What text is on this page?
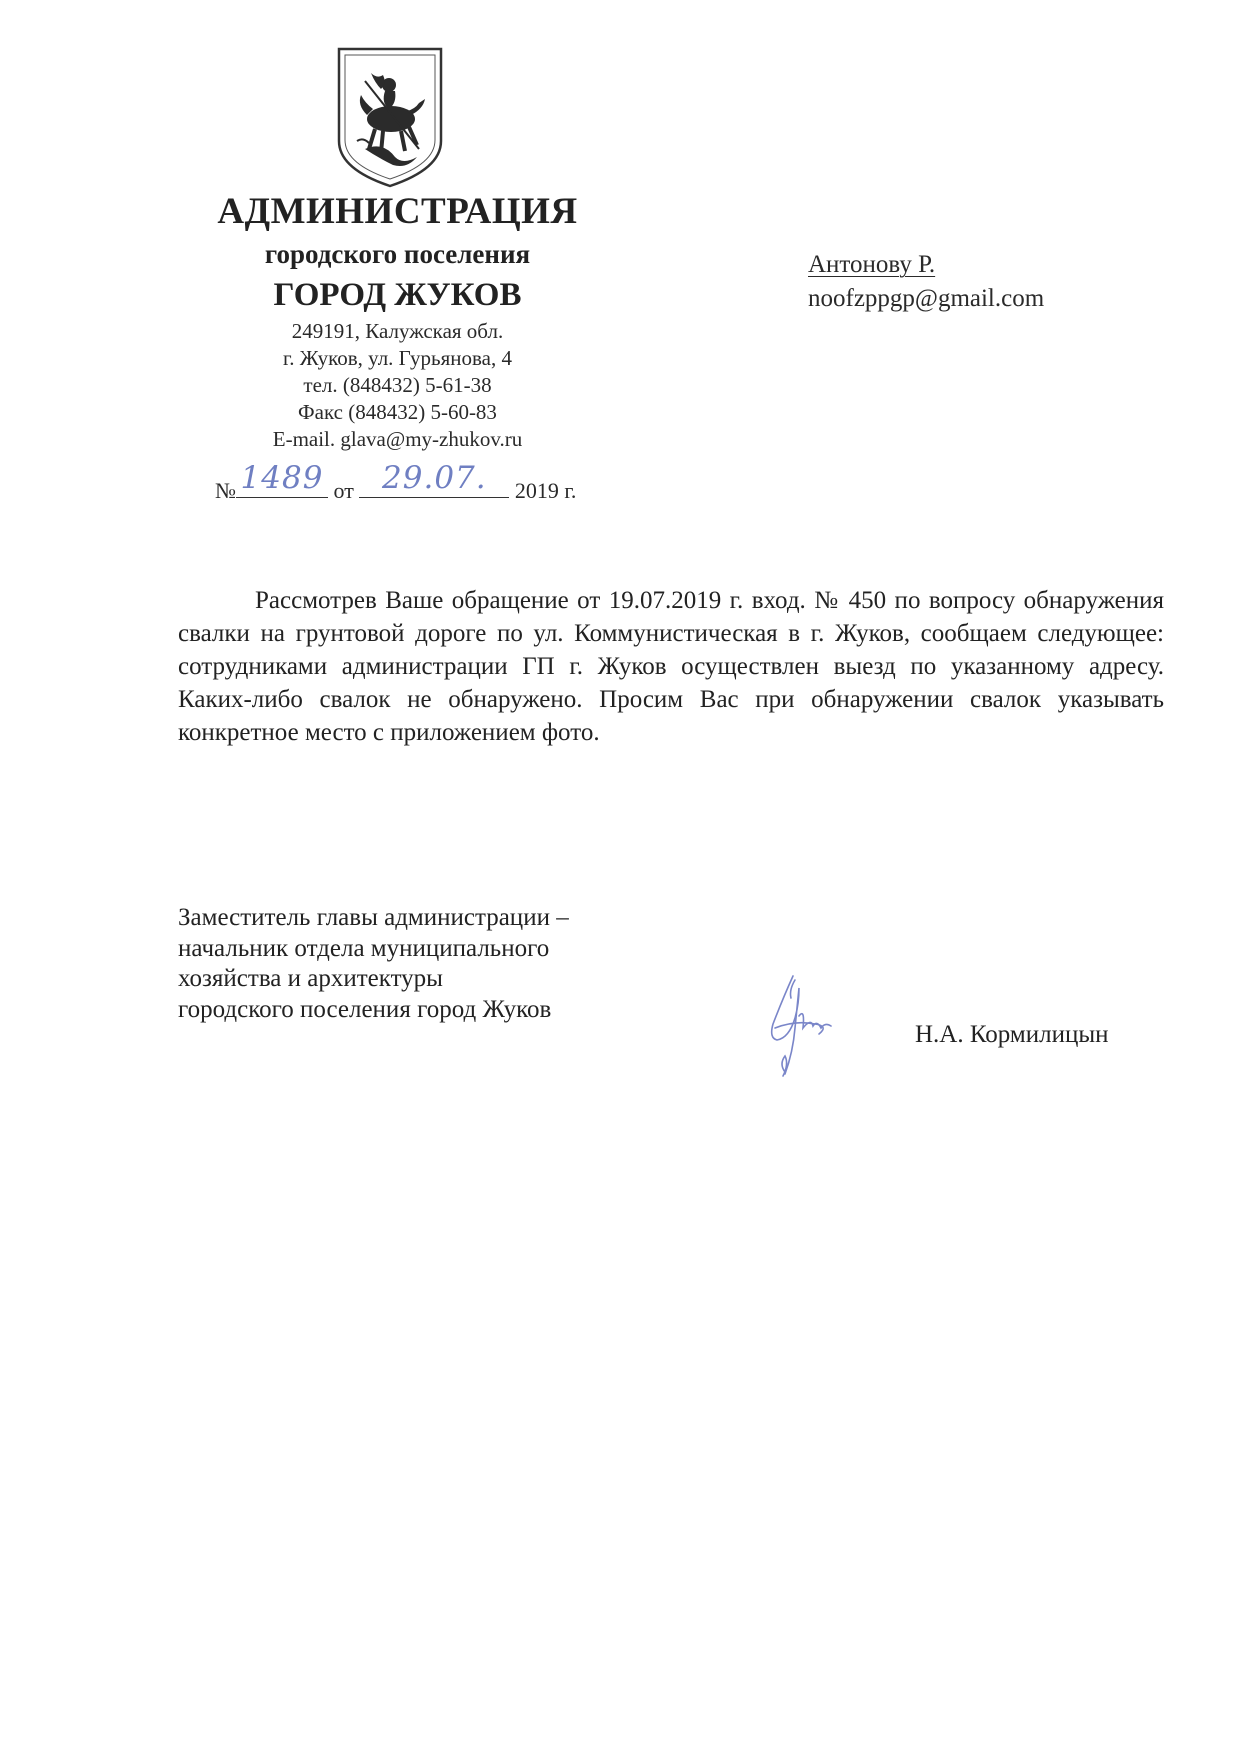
АДМИНИСТРАЦИЯ
городского поселения
ГОРОД ЖУКОВ
249191, Калужская обл.
г. Жуков, ул. Гурьянова, 4
тел. (848432) 5-61-38
Факс (848432) 5-60-83
E-mail. glava@my-zhukov.ru
Антонову Р.
noofzppgp@gmail.com
№ 1489 от 29.07.	2019 г.

Рассмотрев Ваше обращение от 19.07.2019 г. вход. № 450 по вопросу обнаружения свалки на грунтовой дороге по ул. Коммунистическая в г. Жуков, сообщаем следующее: сотрудниками администрации ГП г. Жуков осуществлен выезд по указанному адресу. Каких-либо свалок не обнаружено. Просим Вас при обнаружении свалок указывать конкретное место с приложением фото.

Заместитель главы администрации –
начальник отдела муниципального
хозяйства и архитектуры
городского поселения город Жуков
Н.А. Кормилицын
